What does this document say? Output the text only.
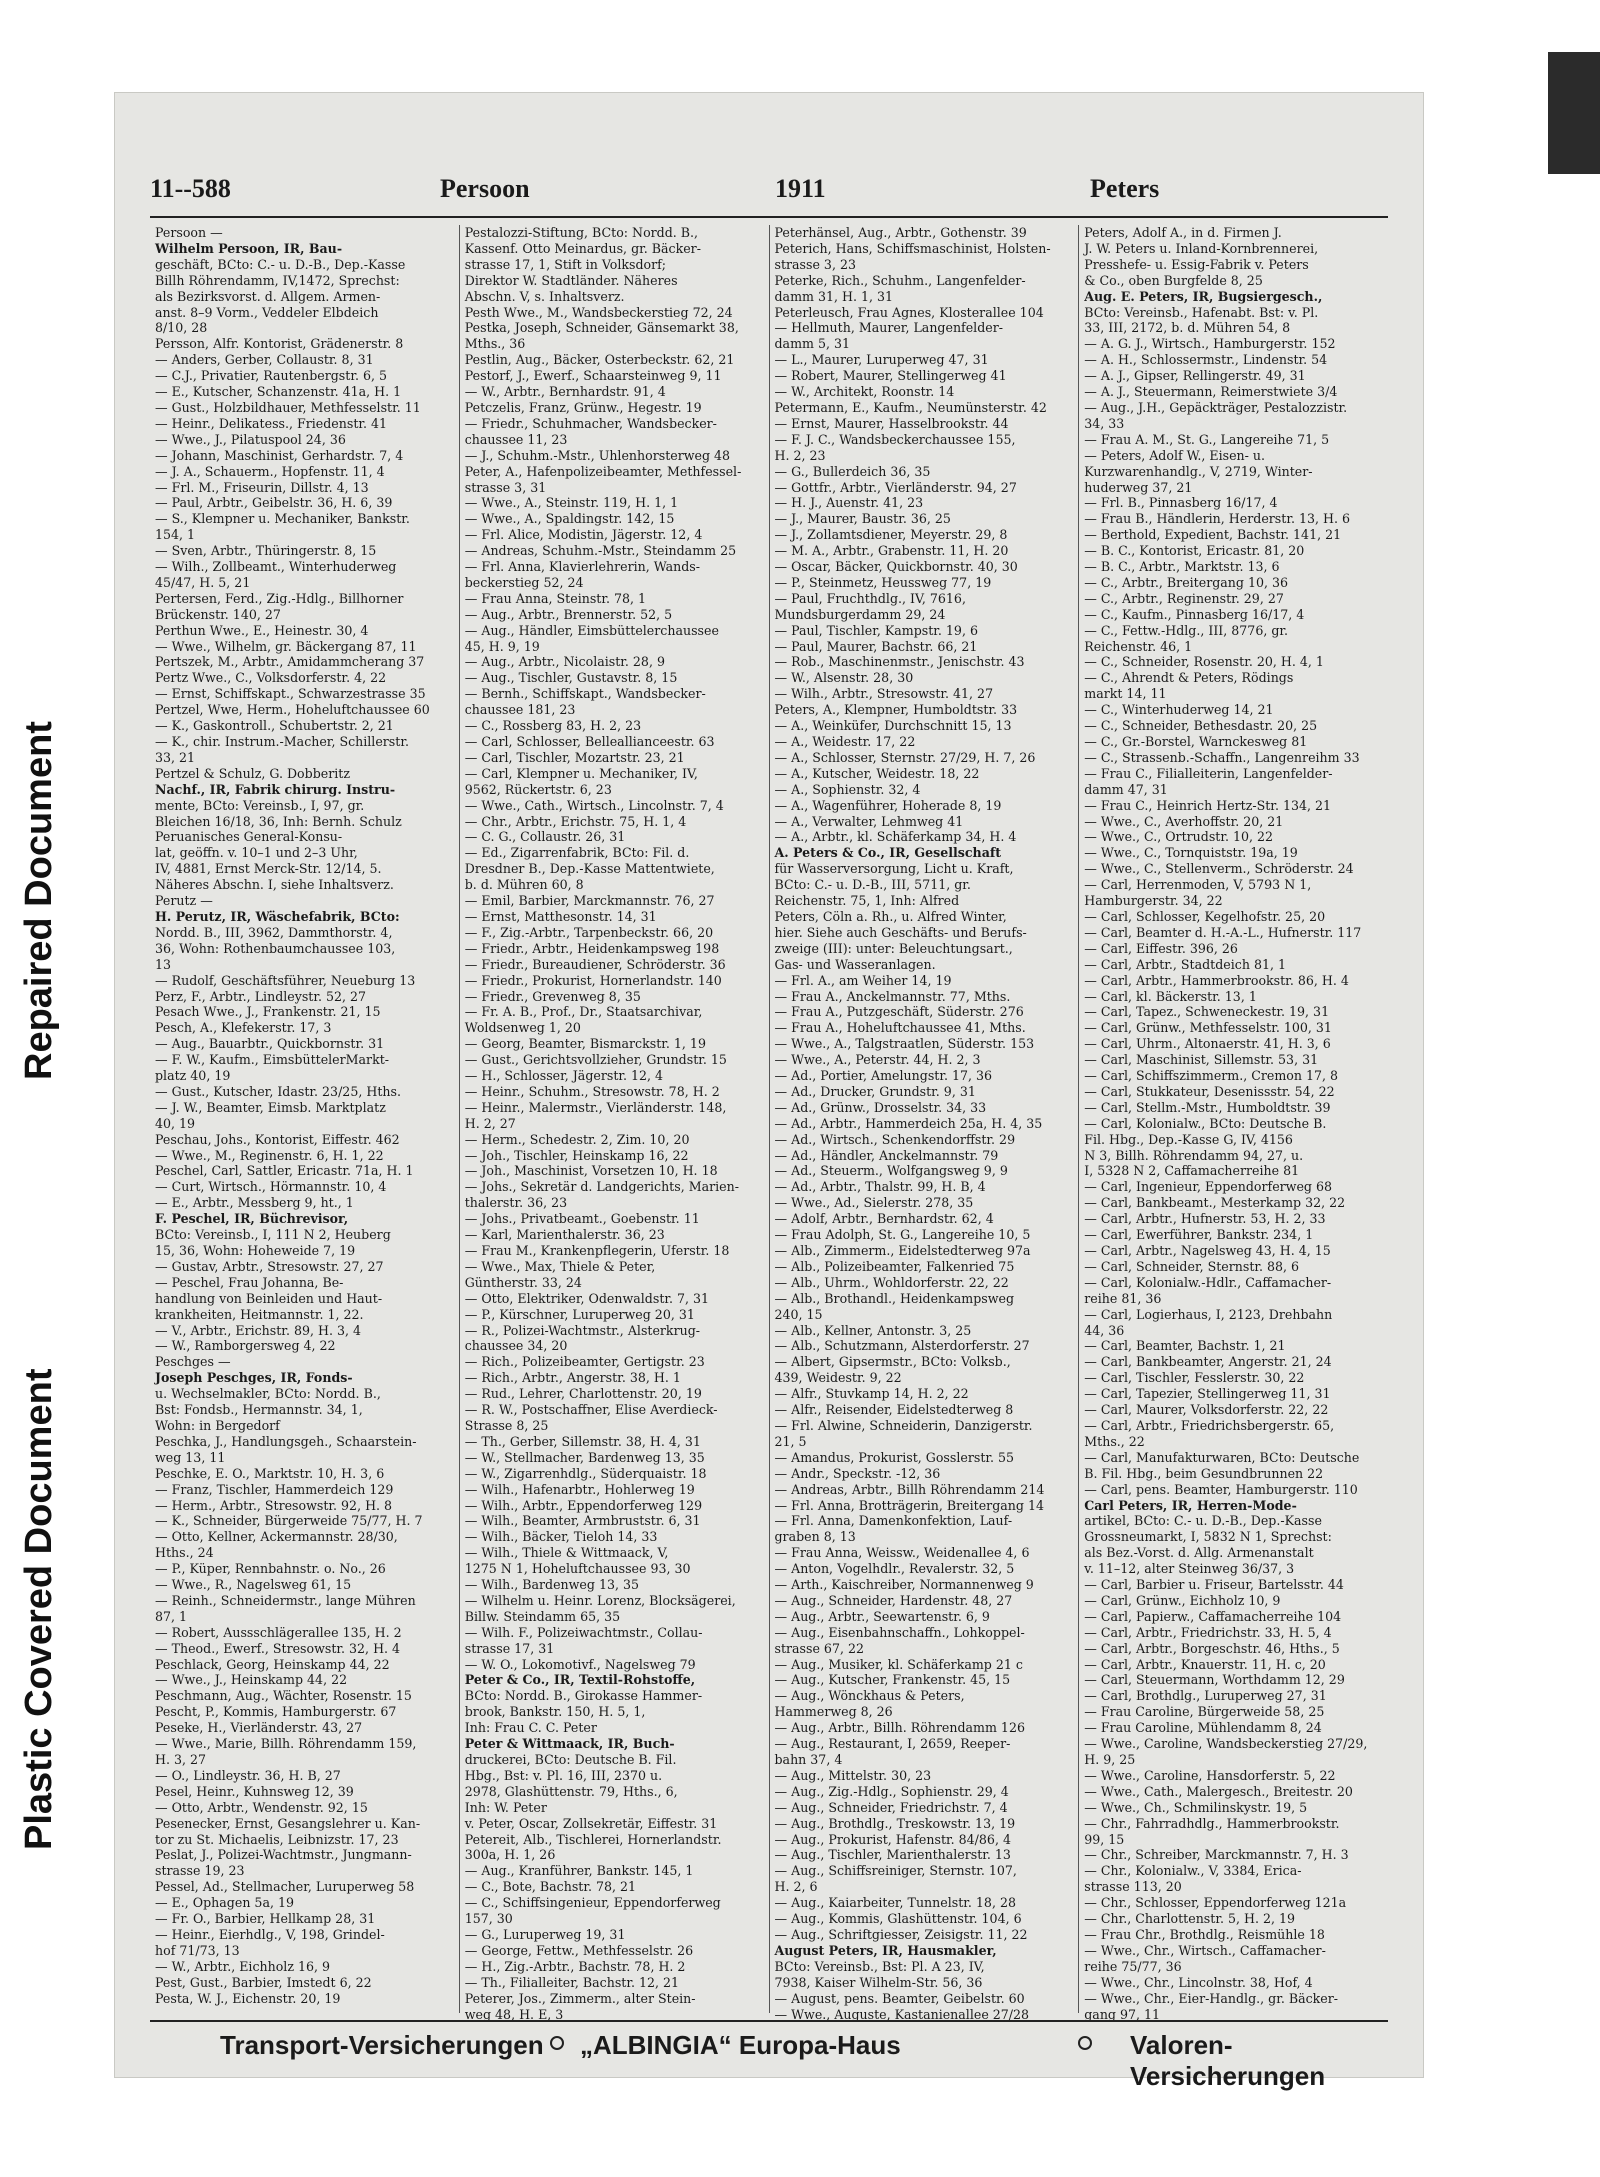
Plastic Covered Document
Repaired Document
11--588	Persoon	1911	Peters
Persoon —
Wilhelm Persoon, IR, Bau-
geschäft, BCto: C.- u. D.-B., Dep.-Kasse
Billh Röhrendamm, IV,1472, Sprechst:
als Bezirksvorst. d. Allgem. Armen-
anst. 8–9 Vorm., Veddeler Elbdeich
8/10, 28
Persson, Alfr. Kontorist, Grädenerstr. 8
— Anders, Gerber, Collaustr. 8, 31
— C.J., Privatier, Rautenbergstr. 6, 5
— E., Kutscher, Schanzenstr. 41a, H. 1
— Gust., Holzbildhauer, Methfesselstr. 11
— Heinr., Delikatess., Friedenstr. 41
— Wwe., J., Pilatuspool 24, 36
— Johann, Maschinist, Gerhardstr. 7, 4
— J. A., Schauerm., Hopfenstr. 11, 4
— Frl. M., Friseurin, Dillstr. 4, 13
— Paul, Arbtr., Geibelstr. 36, H. 6, 39
— S., Klempner u. Mechaniker, Bankstr.
154, 1
— Sven, Arbtr., Thüringerstr. 8, 15
— Wilh., Zollbeamt., Winterhuderweg
45/47, H. 5, 21
Pertersen, Ferd., Zig.-Hdlg., Billhorner
Brückenstr. 140, 27
Perthun Wwe., E., Heinestr. 30, 4
— Wwe., Wilhelm, gr. Bäckergang 87, 11
Pertszek, M., Arbtr., Amidammcherang 37
Pertz Wwe., C., Volksdorferstr. 4, 22
— Ernst, Schiffskapt., Schwarzestrasse 35
Pertzel, Wwe, Herm., Hoheluftchaussee 60
— K., Gaskontroll., Schubertstr. 2, 21
— K., chir. Instrum.-Macher, Schillerstr.
33, 21
Pertzel & Schulz, G. Dobberitz
Nachf., IR, Fabrik chirurg. Instru-
mente, BCto: Vereinsb., I, 97, gr.
Bleichen 16/18, 36, Inh: Bernh. Schulz
Peruanisches General-Konsu-
lat, geöffn. v. 10–1 und 2–3 Uhr,
IV, 4881, Ernst Merck-Str. 12/14, 5.
Näheres Abschn. I, siehe Inhaltsverz.
Perutz —
H. Perutz, IR, Wäschefabrik, BCto:
Nordd. B., III, 3962, Dammthorstr. 4,
36, Wohn: Rothenbaumchaussee 103,
13
— Rudolf, Geschäftsführer, Neueburg 13
Perz, F., Arbtr., Lindleystr. 52, 27
Pesach Wwe., J., Frankenstr. 21, 15
Pesch, A., Klefekerstr. 17, 3
— Aug., Bauarbtr., Quickbornstr. 31
— F. W., Kaufm., EimsbüttelerMarkt-
platz 40, 19
— Gust., Kutscher, Idastr. 23/25, Hths.
— J. W., Beamter, Eimsb. Marktplatz
40, 19
Peschau, Johs., Kontorist, Eiffestr. 462
— Wwe., M., Reginenstr. 6, H. 1, 22
Peschel, Carl, Sattler, Ericastr. 71a, H. 1
— Curt, Wirtsch., Hörmannstr. 10, 4
— E., Arbtr., Messberg 9, ht., 1
F. Peschel, IR, Büchrevisor,
BCto: Vereinsb., I, 111 N 2, Heuberg
15, 36, Wohn: Hoheweide 7, 19
— Gustav, Arbtr., Stresowstr. 27, 27
— Peschel, Frau Johanna, Be-
handlung von Beinleiden und Haut-
krankheiten, Heitmannstr. 1, 22.
— V., Arbtr., Erichstr. 89, H. 3, 4
— W., Ramborgersweg 4, 22
Peschges —
Joseph Peschges, IR, Fonds-
u. Wechselmakler, BCto: Nordd. B.,
Bst: Fondsb., Hermannstr. 34, 1,
Wohn: in Bergedorf
Peschka, J., Handlungsgeh., Schaarstein-
weg 13, 11
Peschke, E. O., Marktstr. 10, H. 3, 6
— Franz, Tischler, Hammerdeich 129
— Herm., Arbtr., Stresowstr. 92, H. 8
— K., Schneider, Bürgerweide 75/77, H. 7
— Otto, Kellner, Ackermannstr. 28/30,
Hths., 24
— P., Küper, Rennbahnstr. o. No., 26
— Wwe., R., Nagelsweg 61, 15
— Reinh., Schneidermstr., lange Mühren
87, 1
— Robert, Aussschlägerallee 135, H. 2
— Theod., Ewerf., Stresowstr. 32, H. 4
Peschlack, Georg, Heinskamp 44, 22
— Wwe., J., Heinskamp 44, 22
Peschmann, Aug., Wächter, Rosenstr. 15
Pescht, P., Kommis, Hamburgerstr. 67
Peseke, H., Vierländerstr. 43, 27
— Wwe., Marie, Billh. Röhrendamm 159,
H. 3, 27
— O., Lindleystr. 36, H. B, 27
Pesel, Heinr., Kuhnsweg 12, 39
— Otto, Arbtr., Wendenstr. 92, 15
Pesenecker, Ernst, Gesangslehrer u. Kan-
tor zu St. Michaelis, Leibnizstr. 17, 23
Peslat, J., Polizei-Wachtmstr., Jungmann-
strasse 19, 23
Pessel, Ad., Stellmacher, Luruperweg 58
— E., Ophagen 5a, 19
— Fr. O., Barbier, Hellkamp 28, 31
— Heinr., Eierhdlg., V, 198, Grindel-
hof 71/73, 13
— W., Arbtr., Eichholz 16, 9
Pest, Gust., Barbier, Imstedt 6, 22
Pesta, W. J., Eichenstr. 20, 19
Pestalozzi-Stiftung, BCto: Nordd. B.,
Kassenf. Otto Meinardus, gr. Bäcker-
strasse 17, 1, Stift in Volksdorf;
Direktor W. Stadtländer. Näheres
Abschn. V, s. Inhaltsverz.
Pesth Wwe., M., Wandsbeckerstieg 72, 24
Pestka, Joseph, Schneider, Gänsemarkt 38,
Mths., 36
Pestlin, Aug., Bäcker, Osterbeckstr. 62, 21
Pestorf, J., Ewerf., Schaarsteinweg 9, 11
— W., Arbtr., Bernhardstr. 91, 4
Petczelis, Franz, Grünw., Hegestr. 19
— Friedr., Schuhmacher, Wandsbecker-
chaussee 11, 23
— J., Schuhm.-Mstr., Uhlenhorsterweg 48
Peter, A., Hafenpolizeibeamter, Methfessel-
strasse 3, 31
— Wwe., A., Steinstr. 119, H. 1, 1
— Wwe., A., Spaldingstr. 142, 15
— Frl. Alice, Modistin, Jägerstr. 12, 4
— Andreas, Schuhm.-Mstr., Steindamm 25
— Frl. Anna, Klavierlehrerin, Wands-
beckerstieg 52, 24
— Frau Anna, Steinstr. 78, 1
— Aug., Arbtr., Brennerstr. 52, 5
— Aug., Händler, Eimsbüttelerchaussee
45, H. 9, 19
— Aug., Arbtr., Nicolaistr. 28, 9
— Aug., Tischler, Gustavstr. 8, 15
— Bernh., Schiffskapt., Wandsbecker-
chaussee 181, 23
— C., Rossberg 83, H. 2, 23
— Carl, Schlosser, Belleallianceestr. 63
— Carl, Tischler, Mozartstr. 23, 21
— Carl, Klempner u. Mechaniker, IV,
9562, Rückertstr. 6, 23
— Wwe., Cath., Wirtsch., Lincolnstr. 7, 4
— Chr., Arbtr., Erichstr. 75, H. 1, 4
— C. G., Collaustr. 26, 31
— Ed., Zigarrenfabrik, BCto: Fil. d.
Dresdner B., Dep.-Kasse Mattentwiete,
b. d. Mühren 60, 8
— Emil, Barbier, Marckmannstr. 76, 27
— Ernst, Matthesonstr. 14, 31
— F., Zig.-Arbtr., Tarpenbeckstr. 66, 20
— Friedr., Arbtr., Heidenkampsweg 198
— Friedr., Bureaudiener, Schröderstr. 36
— Friedr., Prokurist, Hornerlandstr. 140
— Friedr., Grevenweg 8, 35
— Fr. A. B., Prof., Dr., Staatsarchivar,
Woldsenweg 1, 20
— Georg, Beamter, Bismarckstr. 1, 19
— Gust., Gerichtsvollzieher, Grundstr. 15
— H., Schlosser, Jägerstr. 12, 4
— Heinr., Schuhm., Stresowstr. 78, H. 2
— Heinr., Malermstr., Vierländerstr. 148,
H. 2, 27
— Herm., Schedestr. 2, Zim. 10, 20
— Joh., Tischler, Heinskamp 16, 22
— Joh., Maschinist, Vorsetzen 10, H. 18
— Johs., Sekretär d. Landgerichts, Marien-
thalerstr. 36, 23
— Johs., Privatbeamt., Goebenstr. 11
— Karl, Marienthalerstr. 36, 23
— Frau M., Krankenpflegerin, Uferstr. 18
— Wwe., Max, Thiele & Peter,
Güntherstr. 33, 24
— Otto, Elektriker, Odenwaldstr. 7, 31
— P., Kürschner, Luruperweg 20, 31
— R., Polizei-Wachtmstr., Alsterkrug-
chaussee 34, 20
— Rich., Polizeibeamter, Gertigstr. 23
— Rich., Arbtr., Angerstr. 38, H. 1
— Rud., Lehrer, Charlottenstr. 20, 19
— R. W., Postschaffner, Elise Averdieck-
Strasse 8, 25
— Th., Gerber, Sillemstr. 38, H. 4, 31
— W., Stellmacher, Bardenweg 13, 35
— W., Zigarrenhdlg., Süderquaistr. 18
— Wilh., Hafenarbtr., Hohlerweg 19
— Wilh., Arbtr., Eppendorferweg 129
— Wilh., Beamter, Armbruststr. 6, 31
— Wilh., Bäcker, Tieloh 14, 33
— Wilh., Thiele & Wittmaack, V,
1275 N 1, Hoheluftchaussee 93, 30
— Wilh., Bardenweg 13, 35
— Wilhelm u. Heinr. Lorenz, Blocksägerei,
Billw. Steindamm 65, 35
— Wilh. F., Polizeiwachtmstr., Collau-
strasse 17, 31
— W. O., Lokomotivf., Nagelsweg 79
Peter & Co., IR, Textil-Rohstoffe,
BCto: Nordd. B., Girokasse Hammer-
brook, Bankstr. 150, H. 5, 1,
Inh: Frau C. C. Peter
Peter & Wittmaack, IR, Buch-
druckerei, BCto: Deutsche B. Fil.
Hbg., Bst: v. Pl. 16, III, 2370 u.
2978, Glashüttenstr. 79, Hths., 6,
Inh: W. Peter
v. Peter, Oscar, Zollsekretär, Eiffestr. 31
Petereit, Alb., Tischlerei, Hornerlandstr.
300a, H. 1, 26
— Aug., Kranführer, Bankstr. 145, 1
— C., Bote, Bachstr. 78, 21
— C., Schiffsingenieur, Eppendorferweg
157, 30
— G., Luruperweg 19, 31
— George, Fettw., Methfesselstr. 26
— H., Zig.-Arbtr., Bachstr. 78, H. 2
— Th., Filialleiter, Bachstr. 12, 21
Peterer, Jos., Zimmerm., alter Stein-
weg 48, H. E, 3
Peterhänsel, Aug., Arbtr., Gothenstr. 39
Peterich, Hans, Schiffsmaschinist, Holsten-
strasse 3, 23
Peterke, Rich., Schuhm., Langenfelder-
damm 31, H. 1, 31
Peterleusch, Frau Agnes, Klosterallee 104
— Hellmuth, Maurer, Langenfelder-
damm 5, 31
— L., Maurer, Luruperweg 47, 31
— Robert, Maurer, Stellingerweg 41
— W., Architekt, Roonstr. 14
Petermann, E., Kaufm., Neumünsterstr. 42
— Ernst, Maurer, Hasselbrookstr. 44
— F. J. C., Wandsbeckerchaussee 155,
H. 2, 23
— G., Bullerdeich 36, 35
— Gottfr., Arbtr., Vierländerstr. 94, 27
— H. J., Auenstr. 41, 23
— J., Maurer, Baustr. 36, 25
— J., Zollamtsdiener, Meyerstr. 29, 8
— M. A., Arbtr., Grabenstr. 11, H. 20
— Oscar, Bäcker, Quickbornstr. 40, 30
— P., Steinmetz, Heussweg 77, 19
— Paul, Fruchthdlg., IV, 7616,
Mundsburgerdamm 29, 24
— Paul, Tischler, Kampstr. 19, 6
— Paul, Maurer, Bachstr. 66, 21
— Rob., Maschinenmstr., Jenischstr. 43
— W., Alsenstr. 28, 30
— Wilh., Arbtr., Stresowstr. 41, 27
Peters, A., Klempner, Humboldtstr. 33
— A., Weinküfer, Durchschnitt 15, 13
— A., Weidestr. 17, 22
— A., Schlosser, Sternstr. 27/29, H. 7, 26
— A., Kutscher, Weidestr. 18, 22
— A., Sophienstr. 32, 4
— A., Wagenführer, Hoherade 8, 19
— A., Verwalter, Lehmweg 41
— A., Arbtr., kl. Schäferkamp 34, H. 4
A. Peters & Co., IR, Gesellschaft
für Wasserversorgung, Licht u. Kraft,
BCto: C.- u. D.-B., III, 5711, gr.
Reichenstr. 75, 1, Inh: Alfred
Peters, Cöln a. Rh., u. Alfred Winter,
hier. Siehe auch Geschäfts- und Berufs-
zweige (III): unter: Beleuchtungsart.,
Gas- und Wasseranlagen.
— Frl. A., am Weiher 14, 19
— Frau A., Anckelmannstr. 77, Mths.
— Frau A., Putzgeschäft, Süderstr. 276
— Frau A., Hoheluftchaussee 41, Mths.
— Wwe., A., Talgstraatlen, Süderstr. 153
— Wwe., A., Peterstr. 44, H. 2, 3
— Ad., Portier, Amelungstr. 17, 36
— Ad., Drucker, Grundstr. 9, 31
— Ad., Grünw., Drosselstr. 34, 33
— Ad., Arbtr., Hammerdeich 25a, H. 4, 35
— Ad., Wirtsch., Schenkendorffstr. 29
— Ad., Händler, Anckelmannstr. 79
— Ad., Steuerm., Wolfgangsweg 9, 9
— Ad., Arbtr., Thalstr. 99, H. B, 4
— Wwe., Ad., Sielerstr. 278, 35
— Adolf, Arbtr., Bernhardstr. 62, 4
— Frau Adolph, St. G., Langereihe 10, 5
— Alb., Zimmerm., Eidelstedterweg 97a
— Alb., Polizeibeamter, Falkenried 75
— Alb., Uhrm., Wohldorferstr. 22, 22
— Alb., Brothandl., Heidenkampsweg
240, 15
— Alb., Kellner, Antonstr. 3, 25
— Alb., Schutzmann, Alsterdorferstr. 27
— Albert, Gipsermstr., BCto: Volksb.,
439, Weidestr. 9, 22
— Alfr., Stuvkamp 14, H. 2, 22
— Alfr., Reisender, Eidelstedterweg 8
— Frl. Alwine, Schneiderin, Danzigerstr.
21, 5
— Amandus, Prokurist, Gosslerstr. 55
— Andr., Speckstr. -12, 36
— Andreas, Arbtr., Billh Röhrendamm 214
— Frl. Anna, Brotträgerin, Breitergang 14
— Frl. Anna, Damenkonfektion, Lauf-
graben 8, 13
— Frau Anna, Weissw., Weidenallee 4, 6
— Anton, Vogelhdlr., Revalerstr. 32, 5
— Arth., Kaischreiber, Normannenweg 9
— Aug., Schneider, Hardenstr. 48, 27
— Aug., Arbtr., Seewartenstr. 6, 9
— Aug., Eisenbahnschaffn., Lohkoppel-
strasse 67, 22
— Aug., Musiker, kl. Schäferkamp 21 c
— Aug., Kutscher, Frankenstr. 45, 15
— Aug., Wönckhaus & Peters,
Hammerweg 8, 26
— Aug., Arbtr., Billh. Röhrendamm 126
— Aug., Restaurant, I, 2659, Reeper-
bahn 37, 4
— Aug., Mittelstr. 30, 23
— Aug., Zig.-Hdlg., Sophienstr. 29, 4
— Aug., Schneider, Friedrichstr. 7, 4
— Aug., Brothdlg., Treskowstr. 13, 19
— Aug., Prokurist, Hafenstr. 84/86, 4
— Aug., Tischler, Marienthalerstr. 13
— Aug., Schiffsreiniger, Sternstr. 107,
H. 2, 6
— Aug., Kaiarbeiter, Tunnelstr. 18, 28
— Aug., Kommis, Glashüttenstr. 104, 6
— Aug., Schriftgiesser, Zeisigstr. 11, 22
August Peters, IR, Hausmakler,
BCto: Vereinsb., Bst: Pl. A 23, IV,
7938, Kaiser Wilhelm-Str. 56, 36
— August, pens. Beamter, Geibelstr. 60
— Wwe., Auguste, Kastanienallee 27/28
Peters, Adolf A., in d. Firmen J.
J. W. Peters u. Inland-Kornbrennerei,
Presshefe- u. Essig-Fabrik v. Peters
& Co., oben Burgfelde 8, 25
Aug. E. Peters, IR, Bugsiergesch.,
BCto: Vereinsb., Hafenabt. Bst: v. Pl.
33, III, 2172, b. d. Mühren 54, 8
— A. G. J., Wirtsch., Hamburgerstr. 152
— A. H., Schlossermstr., Lindenstr. 54
— A. J., Gipser, Rellingerstr. 49, 31
— A. J., Steuermann, Reimerstwiete 3/4
— Aug., J.H., Gepäckträger, Pestalozzistr.
34, 33
— Frau A. M., St. G., Langereihe 71, 5
— Peters, Adolf W., Eisen- u.
Kurzwarenhandlg., V, 2719, Winter-
huderweg 37, 21
— Frl. B., Pinnasberg 16/17, 4
— Frau B., Händlerin, Herderstr. 13, H. 6
— Berthold, Expedient, Bachstr. 141, 21
— B. C., Kontorist, Ericastr. 81, 20
— B. C., Arbtr., Marktstr. 13, 6
— C., Arbtr., Breitergang 10, 36
— C., Arbtr., Reginenstr. 29, 27
— C., Kaufm., Pinnasberg 16/17, 4
— C., Fettw.-Hdlg., III, 8776, gr.
Reichenstr. 46, 1
— C., Schneider, Rosenstr. 20, H. 4, 1
— C., Ahrendt & Peters, Rödings
markt 14, 11
— C., Winterhuderweg 14, 21
— C., Schneider, Bethesdastr. 20, 25
— C., Gr.-Borstel, Warnckesweg 81
— C., Strassenb.-Schaffn., Langenreihm 33
— Frau C., Filialleiterin, Langenfelder-
damm 47, 31
— Frau C., Heinrich Hertz-Str. 134, 21
— Wwe., C., Averhoffstr. 20, 21
— Wwe., C., Ortrudstr. 10, 22
— Wwe., C., Tornquiststr. 19a, 19
— Wwe., C., Stellenverm., Schröderstr. 24
— Carl, Herrenmoden, V, 5793 N 1,
Hamburgerstr. 34, 22
— Carl, Schlosser, Kegelhofstr. 25, 20
— Carl, Beamter d. H.-A.-L., Hufnerstr. 117
— Carl, Eiffestr. 396, 26
— Carl, Arbtr., Stadtdeich 81, 1
— Carl, Arbtr., Hammerbrookstr. 86, H. 4
— Carl, kl. Bäckerstr. 13, 1
— Carl, Tapez., Schweneckestr. 19, 31
— Carl, Grünw., Methfesselstr. 100, 31
— Carl, Uhrm., Altonaerstr. 41, H. 3, 6
— Carl, Maschinist, Sillemstr. 53, 31
— Carl, Schiffszimmerm., Cremon 17, 8
— Carl, Stukkateur, Desenissstr. 54, 22
— Carl, Stellm.-Mstr., Humboldtstr. 39
— Carl, Kolonialw., BCto: Deutsche B.
Fil. Hbg., Dep.-Kasse G, IV, 4156
N 3, Billh. Röhrendamm 94, 27, u.
I, 5328 N 2, Caffamacherreihe 81
— Carl, Ingenieur, Eppendorferweg 68
— Carl, Bankbeamt., Mesterkamp 32, 22
— Carl, Arbtr., Hufnerstr. 53, H. 2, 33
— Carl, Ewerführer, Bankstr. 234, 1
— Carl, Arbtr., Nagelsweg 43, H. 4, 15
— Carl, Schneider, Sternstr. 88, 6
— Carl, Kolonialw.-Hdlr., Caffamacher-
reihe 81, 36
— Carl, Logierhaus, I, 2123, Drehbahn
44, 36
— Carl, Beamter, Bachstr. 1, 21
— Carl, Bankbeamter, Angerstr. 21, 24
— Carl, Tischler, Fesslerstr. 30, 22
— Carl, Tapezier, Stellingerweg 11, 31
— Carl, Maurer, Volksdorferstr. 22, 22
— Carl, Arbtr., Friedrichsbergerstr. 65,
Mths., 22
— Carl, Manufakturwaren, BCto: Deutsche
B. Fil. Hbg., beim Gesundbrunnen 22
— Carl, pens. Beamter, Hamburgerstr. 110
Carl Peters, IR, Herren-Mode-
artikel, BCto: C.- u. D.-B., Dep.-Kasse
Grossneumarkt, I, 5832 N 1, Sprechst:
als Bez.-Vorst. d. Allg. Armenanstalt
v. 11–12, alter Steinweg 36/37, 3
— Carl, Barbier u. Friseur, Bartelsstr. 44
— Carl, Grünw., Eichholz 10, 9
— Carl, Papierw., Caffamacherreihe 104
— Carl, Arbtr., Friedrichstr. 33, H. 5, 4
— Carl, Arbtr., Borgeschstr. 46, Hths., 5
— Carl, Arbtr., Knauerstr. 11, H. c, 20
— Carl, Steuermann, Worthdamm 12, 29
— Carl, Brothdlg., Luruperweg 27, 31
— Frau Caroline, Bürgerweide 58, 25
— Frau Caroline, Mühlendamm 8, 24
— Wwe., Caroline, Wandsbeckerstieg 27/29,
H. 9, 25
— Wwe., Caroline, Hansdorferstr. 5, 22
— Wwe., Cath., Malergesch., Breitestr. 20
— Wwe., Ch., Schmilinskystr. 19, 5
— Chr., Fahrradhdlg., Hammerbrookstr.
99, 15
— Chr., Schreiber, Marckmannstr. 7, H. 3
— Chr., Kolonialw., V, 3384, Erica-
strasse 113, 20
— Chr., Schlosser, Eppendorferweg 121a
— Chr., Charlottenstr. 5, H. 2, 19
— Frau Chr., Brothdlg., Reismühle 18
— Wwe., Chr., Wirtsch., Caffamacher-
reihe 75/77, 36
— Wwe., Chr., Lincolnstr. 38, Hof, 4
— Wwe., Chr., Eier-Handlg., gr. Bäcker-
gang 97, 11
Transport-Versicherungen „ALBINGIA“ Europa-Haus	Valoren-Versicherungen
